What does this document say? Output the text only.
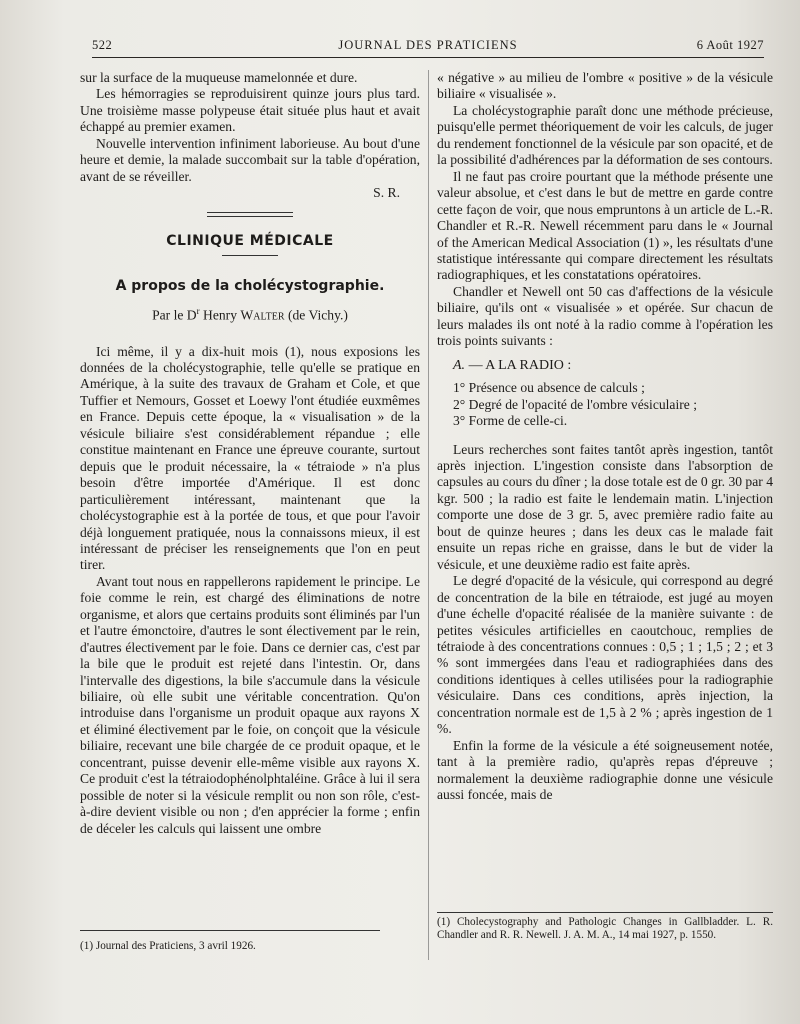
522	JOURNAL DES PRATICIENS	6 Août 1927

sur la surface de la muqueuse mamelonnée et dure.

Les hémorragies se reproduisirent quinze jours plus tard. Une troisième masse polypeuse était située plus haut et avait échappé au premier examen.

Nouvelle intervention infiniment laborieuse. Au bout d'une heure et demie, la malade succombait sur la table d'opération, avant de se réveiller.

S. R.

CLINIQUE MÉDICALE
A propos de la cholécystographie.

Par le $D^r$ Henry Walter (de Vichy.)

Ici même, il y a dix-huit mois (1), nous exposions les données de la cholécystographie, telle qu'elle se pratique en Amérique, à la suite des travaux de Graham et Cole, et que Tuffier et Nemours, Gosset et Loewy l'ont étudiée euxmêmes en France. Depuis cette époque, la « visualisation » de la vésicule biliaire s'est considérablement répandue ; elle constitue maintenant en France une épreuve courante, surtout depuis que le produit nécessaire, la « tétraiode » n'a plus besoin d'être importée d'Amérique. Il est donc particulièrement intéressant, maintenant que la cholécystographie est à la portée de tous, et que pour l'avoir déjà longuement pratiquée, nous la connaissons mieux, il est intéressant de préciser les renseignements que l'on en peut tirer.

Avant tout nous en rappellerons rapidement le principe. Le foie comme le rein, est chargé des éliminations de notre organisme, et alors que certains produits sont éliminés par l'un et l'autre émonctoire, d'autres le sont électivement par le rein, d'autres électivement par le foie. Dans ce dernier cas, c'est par la bile que le produit est rejeté dans l'intestin. Or, dans l'intervalle des digestions, la bile s'accumule dans la vésicule biliaire, où elle subit une véritable concentration. Qu'on introduise dans l'organisme un produit opaque aux rayons X et éliminé électivement par le foie, on conçoit que la vésicule biliaire, recevant une bile chargée de ce produit opaque, et le concentrant, puisse devenir elle-même visible aux rayons X. Ce produit c'est la tétraiodophénolphtaléine. Grâce à lui il sera possible de noter si la vésicule remplit ou non son rôle, c'est-à-dire devient visible ou non ; d'en apprécier la forme ; enfin de déceler les calculs qui laissent une ombre

« négative » au milieu de l'ombre « positive » de la vésicule biliaire « visualisée ».

La cholécystographie paraît donc une méthode précieuse, puisqu'elle permet théoriquement de voir les calculs, de juger du rendement fonctionnel de la vésicule par son opacité, et de la possibilité d'adhérences par la déformation de ses contours.

Il ne faut pas croire pourtant que la méthode présente une valeur absolue, et c'est dans le but de mettre en garde contre cette façon de voir, que nous empruntons à un article de L.-R. Chandler et R.-R. Newell récemment paru dans le « Journal of the American Medical Association (1) », les résultats d'une statistique intéressante qui compare directement les résultats radiographiques, et les constatations opératoires.

Chandler et Newell ont 50 cas d'affections de la vésicule biliaire, qu'ils ont « visualisée » et opérée. Sur chacun de leurs malades ils ont noté à la radio comme à l'opération les trois points suivants :

A. — A LA RADIO :

1° Présence ou absence de calculs ;

2° Degré de l'opacité de l'ombre vésiculaire ;

3° Forme de celle-ci.

Leurs recherches sont faites tantôt après ingestion, tantôt après injection. L'ingestion consiste dans l'absorption de capsules au cours du dîner ; la dose totale est de 0 gr. 30 par 4 kgr. 500 ; la radio est faite le lendemain matin. L'injection comporte une dose de 3 gr. 5, avec première radio faite au bout de quinze heures ; dans les deux cas le malade fait ensuite un repas riche en graisse, dans le but de vider la vésicule, et une deuxième radio est faite après.

Le degré d'opacité de la vésicule, qui correspond au degré de concentration de la bile en tétraiode, est jugé au moyen d'une échelle d'opacité réalisée de la manière suivante : de petites vésicules artificielles en caoutchouc, remplies de tétraiode à des concentrations connues : 0,5 ; 1 ; 1,5 ; 2 ; et 3 % sont immergées dans l'eau et radiographiées dans des conditions identiques à celles utilisées pour la radiographie vésiculaire. Dans ces conditions, après injection, la concentration normale est de 1,5 à 2 % ; après ingestion de 1 %.

Enfin la forme de la vésicule a été soigneusement notée, tant à la première radio, qu'après repas d'épreuve ; normalement la deuxième radiographie donne une vésicule aussi foncée, mais de

(1) Journal des Praticiens, 3 avril 1926.
(1) Cholecystography and Pathologic Changes in Gallbladder. L. R. Chandler and R. R. Newell. J. A. M. A., 14 mai 1927, p. 1550.
